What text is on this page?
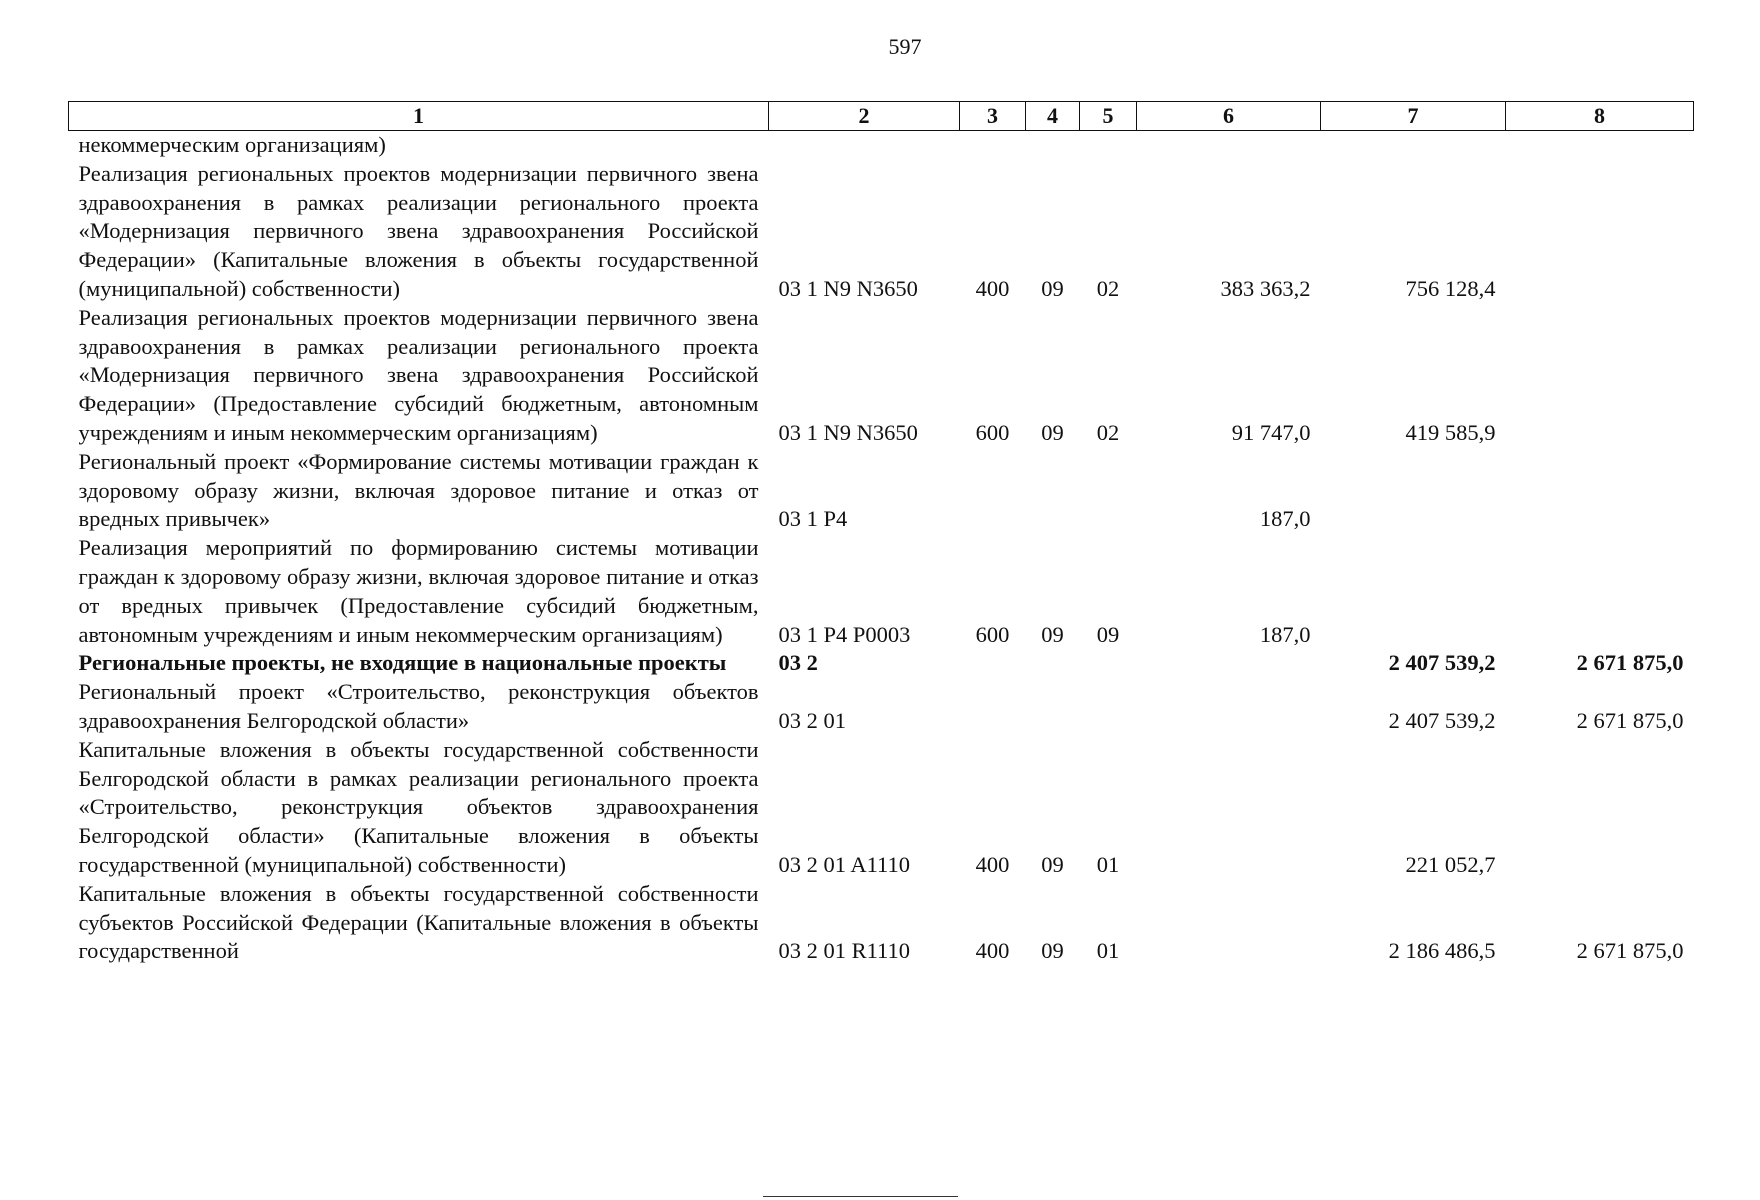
597
1	2	3	4	5	6	7	8
некоммерческим организациям)							
Реализация региональных проектов модернизации первичного звена здравоохранения в рамках реализации регионального проекта «Модернизация первичного звена здравоохранения Российской Федерации» (Капитальные вложения в объекты государственной (муниципальной) собственности)	03 1 N9 N3650	400	09	02	383 363,2	756 128,4	
Реализация региональных проектов модернизации первичного звена здравоохранения в рамках реализации регионального проекта «Модернизация первичного звена здравоохранения Российской Федерации» (Предоставление субсидий бюджетным, автономным учреждениям и иным некоммерческим организациям)	03 1 N9 N3650	600	09	02	91 747,0	419 585,9	
Региональный проект «Формирование системы мотивации граждан к здоровому образу жизни, включая здоровое питание и отказ от вредных привычек»	03 1 P4				187,0		
Реализация мероприятий по формированию системы мотивации граждан к здоровому образу жизни, включая здоровое питание и отказ от вредных привычек (Предоставление субсидий бюджетным, автономным учреждениям и иным некоммерческим организациям)	03 1 P4 P0003	600	09	09	187,0		
Региональные проекты, не входящие в национальные проекты	03 2					2 407 539,2	2 671 875,0
Региональный проект «Строительство, реконструкция объектов здравоохранения Белгородской области»	03 2 01					2 407 539,2	2 671 875,0
Капитальные вложения в объекты государственной собственности Белгородской области в рамках реализации регионального проекта «Строительство, реконструкция объектов здравоохранения Белгородской области» (Капитальные вложения в объекты государственной (муниципальной) собственности)	03 2 01 A1110	400	09	01		221 052,7	
Капитальные вложения в объекты государственной собственности субъектов Российской Федерации (Капитальные вложения в объекты государственной	03 2 01 R1110	400	09	01		2 186 486,5	2 671 875,0
